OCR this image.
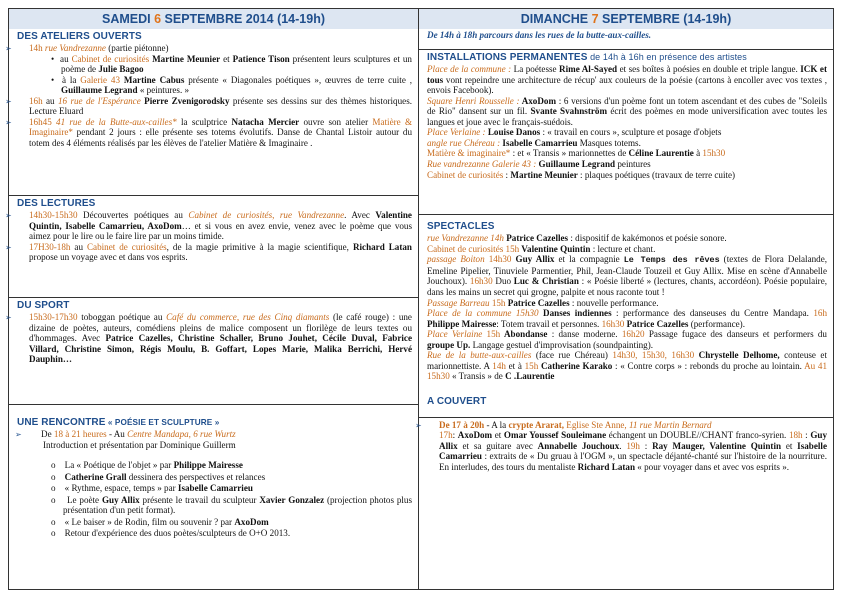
SAMEDI 6 SEPTEMBRE 2014 (14-19h)
DES ATELIERS OUVERTS
➢ 14h rue Vandrezanne (partie piétonne)
•  au Cabinet de curiosités Martine Meunier et Patience Tison présentent leurs sculptures et un poème de Julie Bagoo
•  à la Galerie 43 Martine Cabus présente « Diagonales poétiques », œuvres de terre cuite , Guillaume Legrand « peintures. »
➢ 16h au 16 rue de l'Espérance Pierre Zvenigorodsky présente ses dessins sur des thèmes historiques. Lecture Eluard
➢ 16h45 41 rue de la Butte-aux-cailles* la sculptrice Natacha Mercier ouvre son atelier Matière & Imaginaire* pendant 2 jours : elle présente ses totems évolutifs. Danse de Chantal Listoir autour du totem des 4 éléments réalisés par les élèves de l'atelier Matière & Imaginaire .
DES LECTURES
➢ 14h30-15h30 Découvertes poétiques au Cabinet de curiosités, rue Vandrezanne. Avec Valentine Quintin, Isabelle Camarrieu, AxoDom… et si vous en avez envie, venez avec le poème que vous aimez pour le lire ou le faire lire par un moins timide.
➢ 17H30-18h au Cabinet de curiosités, de la magie primitive à la magie scientifique, Richard Latan propose un voyage avec et dans vos esprits.
DU SPORT
➢ 15h30-17h30 toboggan poétique au Café du commerce, rue des Cinq diamants (le café rouge) : une dizaine de poètes, auteurs, comédiens pleins de malice composent un florilège de leurs textes ou d'hommages. Avec Patrice Cazelles, Christine Schaller, Bruno Jouhet, Cécile Duval, Fabrice Villard, Christine Simon, Régis Moulu, B. Goffart, Lopes Marie, Malika Berrichi, Hervé Dauphin…
UNE RENCONTRE « POÉSIE ET SCULPTURE »
➢ De 18 à 21 heures - Au Centre Mandapa, 6 rue Wurtz
Introduction et présentation par Dominique Guillerm
o    La « Poétique de l'objet » par Philippe Mairesse
o    Catherine Grall dessinera des perspectives et relances
o    « Rythme, espace, temps » par Isabelle Camarrieu
o    Le poète Guy Allix présente le travail du sculpteur Xavier Gonzalez (projection photos plus présentation d'un petit format).
o    « Le baiser » de Rodin, film ou souvenir ? par AxoDom
o    Retour d'expérience des duos poètes/sculpteurs de O+O 2013.
DIMANCHE 7 SEPTEMBRE (14-19h)
De 14h à 18h parcours dans les rues de la butte-aux-cailles.
INSTALLATIONS PERMANENTES de 14h à 16h en présence des artistes

Place de la commune : La poétesse Rime Al-Sayed et ses boîtes à poésies en double et triple langue. ICK et tous vont repeindre une architecture de récup' aux couleurs de la poésie (cartons à encoller avec vos textes , envois Facebook).

Square Henri Rousselle : AxoDom : 6 versions d'un poème font un totem ascendant et des cubes de "Soleils de Rio" dansent sur un fil. Svante Svahnström écrit des poèmes en mode universification avec toutes les langues et joue avec le français-suédois.

Place Verlaine : Louise Danos : « travail en cours », sculpture et posage d'objets

angle rue Chéreau : Isabelle Camarrieu Masques totems.

Matière & imaginaire* : et « Transis » marionnettes de Céline Laurentie à 15h30

Rue vandrezanne Galerie 43 : Guillaume Legrand peintures

Cabinet de curiosités : Martine Meunier : plaques poétiques (travaux de terre cuite)

SPECTACLES

rue Vandrezanne 14h Patrice Cazelles : dispositif de kakémonos et poésie sonore.

Cabinet de curiosités 15h Valentine Quintin : lecture et chant.

passage Boiton 14h30 Guy Allix et la compagnie Le Temps des rêves (textes de Flora Delalande, Emeline Pipelier, Tinuviele Parmentier, Phil, Jean-Claude Touzeil et Guy Allix. Mise en scène d'Annabelle Jouchoux). 16h30 Duo Luc & Christian : « Poésie liberté » (lectures, chants, accordéon). Poésie populaire, dans les mains un secret qui grogne, palpite et nous raconte tout !

Passage Barreau 15h Patrice Cazelles : nouvelle performance.

Place de la commune 15h30 Danses indiennes : performance des danseuses du Centre Mandapa. 16h Philippe Mairesse: Totem travail et personnes. 16h30 Patrice Cazelles (performance).

Place Verlaine 15h Abondanse : danse moderne. 16h20 Passage fugace des danseurs et performers du groupe Up. Langage gestuel d'improvisation (soundpainting).

Rue de la butte-aux-cailles (face rue Chéreau) 14h30, 15h30, 16h30 Chrystelle Delhome, conteuse et marionnettiste. A 14h et à 15h Catherine Karako : « Contre corps » : rebonds du proche au lointain. Au 41 15h30 « Transis » de C .Laurentie

A COUVERT
➢ De 17 à 20h - A la crypte Ararat, Eglise Ste Anne, 11 rue Martin Bernard

17h: AxoDom et Omar Youssef Souleimane échangent un DOUBLE//CHANT franco-syrien. 18h : Guy Allix et sa guitare avec Annabelle Jouchoux. 19h : Ray Mauger, Valentine Quintin et Isabelle Camarrieu : extraits de « Du gruau à l'OGM », un spectacle déjanté-chanté sur l'histoire de la nourriture. En interludes, des tours du mentaliste Richard Latan « pour voyager dans et avec vos esprits ».
